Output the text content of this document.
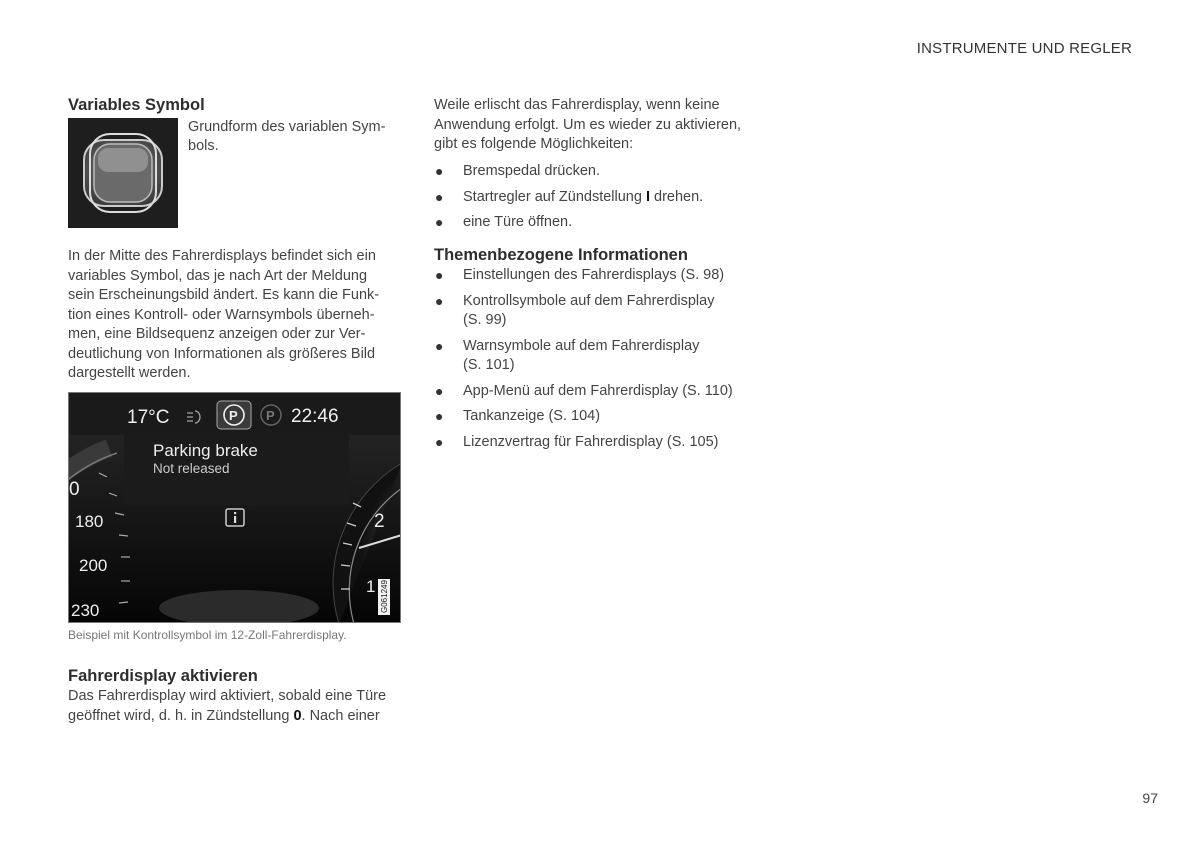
INSTRUMENTE UND REGLER
97
Variables Symbol

Grundform des variablen Sym-

bols.

In der Mitte des Fahrerdisplays befindet sich ein

variables Symbol, das je nach Art der Meldung

sein Erscheinungsbild ändert. Es kann die Funk-

tion eines Kontroll- oder Warnsymbols überneh-

men, eine Bildsequenz anzeigen oder zur Ver-

deutlichung von Informationen als größeres Bild

dargestellt werden.

17°C	P P 22:46
Parking brake
Not released
0
180
200
230
2
1 G061249
Beispiel mit Kontrollsymbol im 12-Zoll-Fahrerdisplay.
Fahrerdisplay aktivieren

Das Fahrerdisplay wird aktiviert, sobald eine Türe

geöffnet wird, d. h. in Zündstellung 0. Nach einer

Weile erlischt das Fahrerdisplay, wenn keine

Anwendung erfolgt. Um es wieder zu aktivieren,

gibt es folgende Möglichkeiten:

● Bremspedal drücken.
● Startregler auf Zündstellung I drehen.
● eine Türe öffnen.
Themenbezogene Informationen
● Einstellungen des Fahrerdisplays (S. 98)
● Kontrollsymbole auf dem Fahrerdisplay
(S. 99)
● Warnsymbole auf dem Fahrerdisplay
(S. 101)
● App-Menü auf dem Fahrerdisplay (S. 110)
● Tankanzeige (S. 104)
● Lizenzvertrag für Fahrerdisplay (S. 105)
